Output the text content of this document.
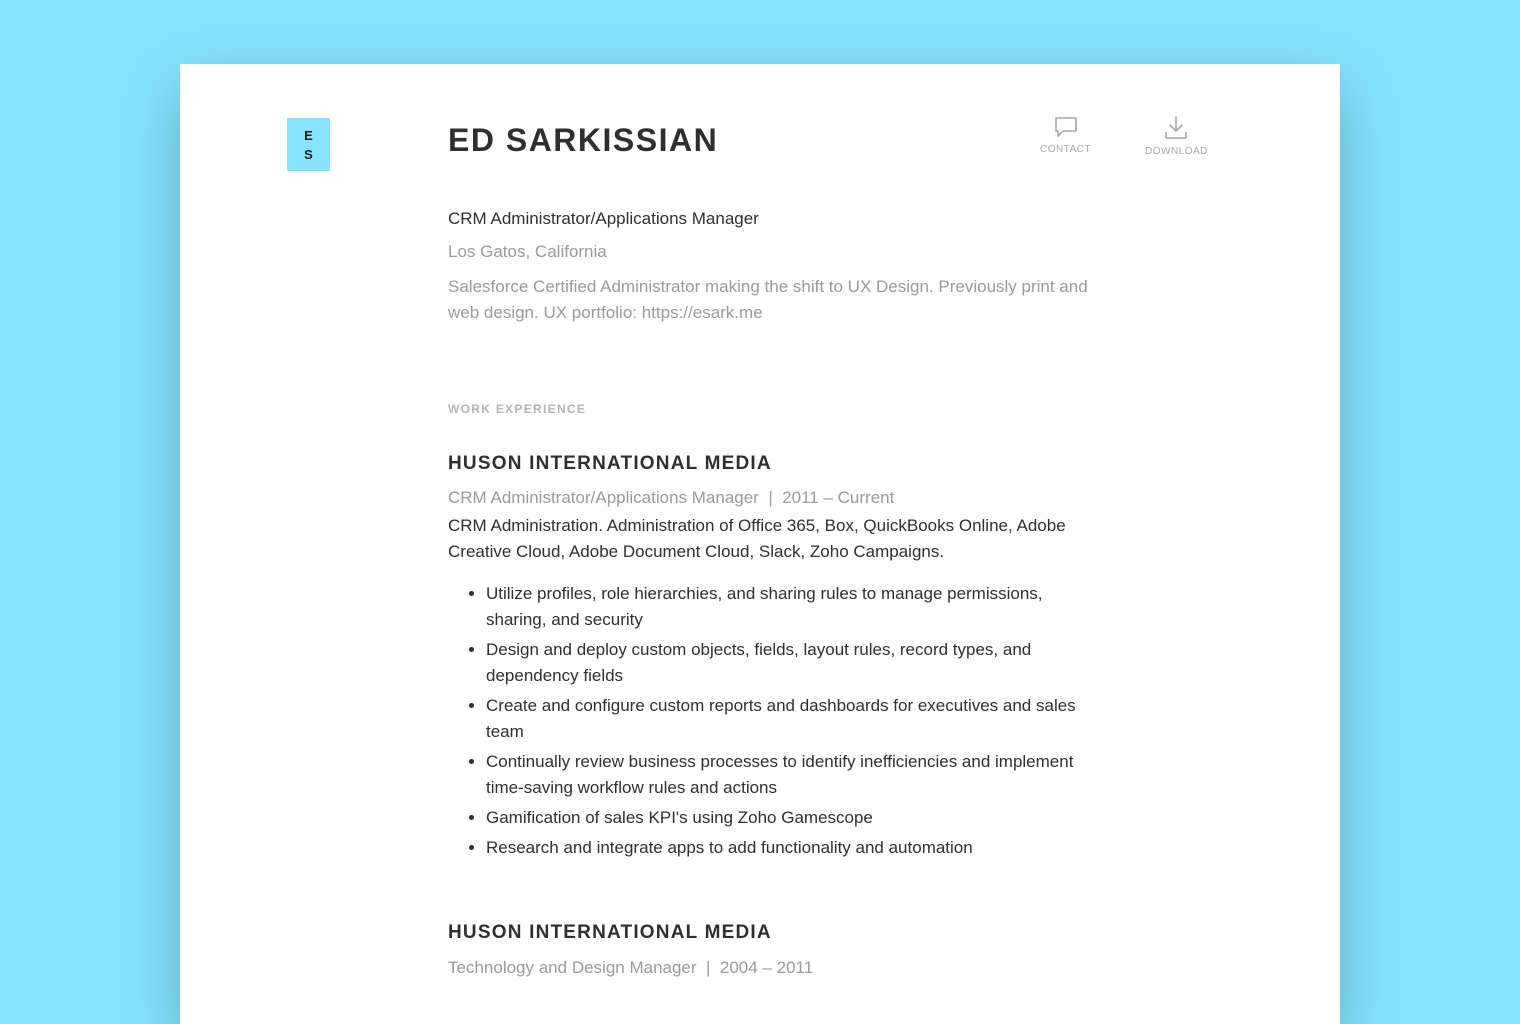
E
S	ED SARKISSIAN	CONTACT	DOWNLOAD
CRM Administrator/Applications Manager
Los Gatos, California

Salesforce Certified Administrator making the shift to UX Design. Previously print and web design. UX portfolio: https://esark.me

WORK EXPERIENCE
HUSON INTERNATIONAL MEDIA
CRM Administrator/Applications Manager | 2011 – Current

CRM Administration. Administration of Office 365, Box, QuickBooks Online, Adobe Creative Cloud, Adobe Document Cloud, Slack, Zoho Campaigns.

• Utilize profiles, role hierarchies, and sharing rules to manage permissions, sharing, and security
• Design and deploy custom objects, fields, layout rules, record types, and dependency fields
• Create and configure custom reports and dashboards for executives and sales team
• Continually review business processes to identify inefficiencies and implement time-saving workflow rules and actions
• Gamification of sales KPI's using Zoho Gamescope
• Research and integrate apps to add functionality and automation
HUSON INTERNATIONAL MEDIA
Technology and Design Manager | 2004 – 2011
